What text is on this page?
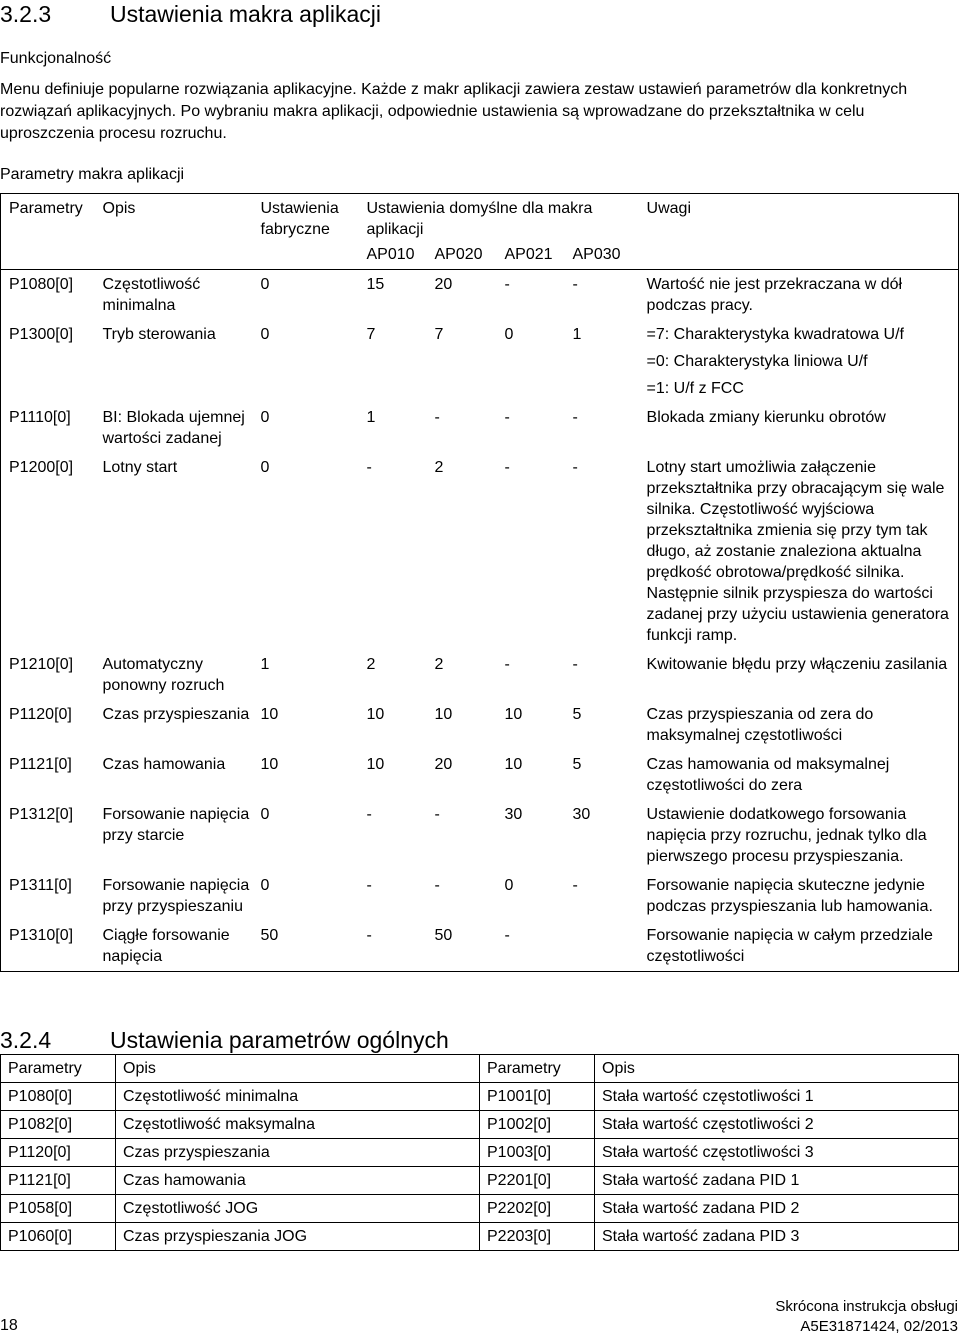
3.2.3	Ustawienia makra aplikacji
Funkcjonalność

Menu definiuje popularne rozwiązania aplikacyjne. Każde z makr aplikacji zawiera zestaw ustawień parametrów dla konkretnych rozwiązań aplikacyjnych. Po wybraniu makra aplikacji, odpowiednie ustawienia są wprowadzane do przekształtnika w celu uproszczenia procesu rozruchu.

Parametry makra aplikacji
Parametry	Opis	Ustawienia fabryczne	Ustawienia domyślne dla makra aplikacji				Uwagi
			AP010	AP020	AP021	AP030	
P1080[0]	Częstotliwość minimalna	0	15	20	-	-	Wartość nie jest przekraczana w dół podczas pracy.

P1300[0]	Tryb sterowania	0	7	7	0	1	=7: Charakterystyka kwadratowa U/f
=0: Charakterystyka liniowa U/f
=1: U/f z FCC

P1110[0]	BI: Blokada ujemnej wartości zadanej	0	1	-	-	-	Blokada zmiany kierunku obrotów

P1200[0]	Lotny start	0	-	2	-	-	Lotny start umożliwia załączenie przekształtnika przy obracającym się wale silnika. Częstotliwość wyjściowa przekształtnika zmienia się przy tym tak długo, aż zostanie znaleziona aktualna prędkość obrotowa/prędkość silnika. Następnie silnik przyspiesza do wartości zadanej przy użyciu ustawienia generatora funkcji ramp.

P1210[0]	Automatyczny ponowny rozruch	1	2	2	-	-	Kwitowanie błędu przy włączeniu zasilania

P1120[0]	Czas przyspieszania	10	10	10	10	5	Czas przyspieszania od zera do maksymalnej częstotliwości

P1121[0]	Czas hamowania	10	10	20	10	5	Czas hamowania od maksymalnej częstotliwości do zera

P1312[0]	Forsowanie napięcia przy starcie	0	-	-	30	30	Ustawienie dodatkowego forsowania napięcia przy rozruchu, jednak tylko dla pierwszego procesu przyspieszania.

P1311[0]	Forsowanie napięcia przy przyspieszaniu	0	-	-	0	-	Forsowanie napięcia skuteczne jedynie podczas przyspieszania lub hamowania.

P1310[0]	Ciągłe forsowanie napięcia	50	-	50	-		Forsowanie napięcia w całym przedziale częstotliwości
3.2.4	Ustawienia parametrów ogólnych
Parametry	Opis	Parametry	Opis
P1080[0]	Częstotliwość minimalna	P1001[0]	Stała wartość częstotliwości 1
P1082[0]	Częstotliwość maksymalna	P1002[0]	Stała wartość częstotliwości 2
P1120[0]	Czas przyspieszania	P1003[0]	Stała wartość częstotliwości 3
P1121[0]	Czas hamowania	P2201[0]	Stała wartość zadana PID 1
P1058[0]	Częstotliwość JOG	P2202[0]	Stała wartość zadana PID 2
P1060[0]	Czas przyspieszania JOG	P2203[0]	Stała wartość zadana PID 3
18
Skrócona instrukcja obsługi
A5E31871424, 02/2013
